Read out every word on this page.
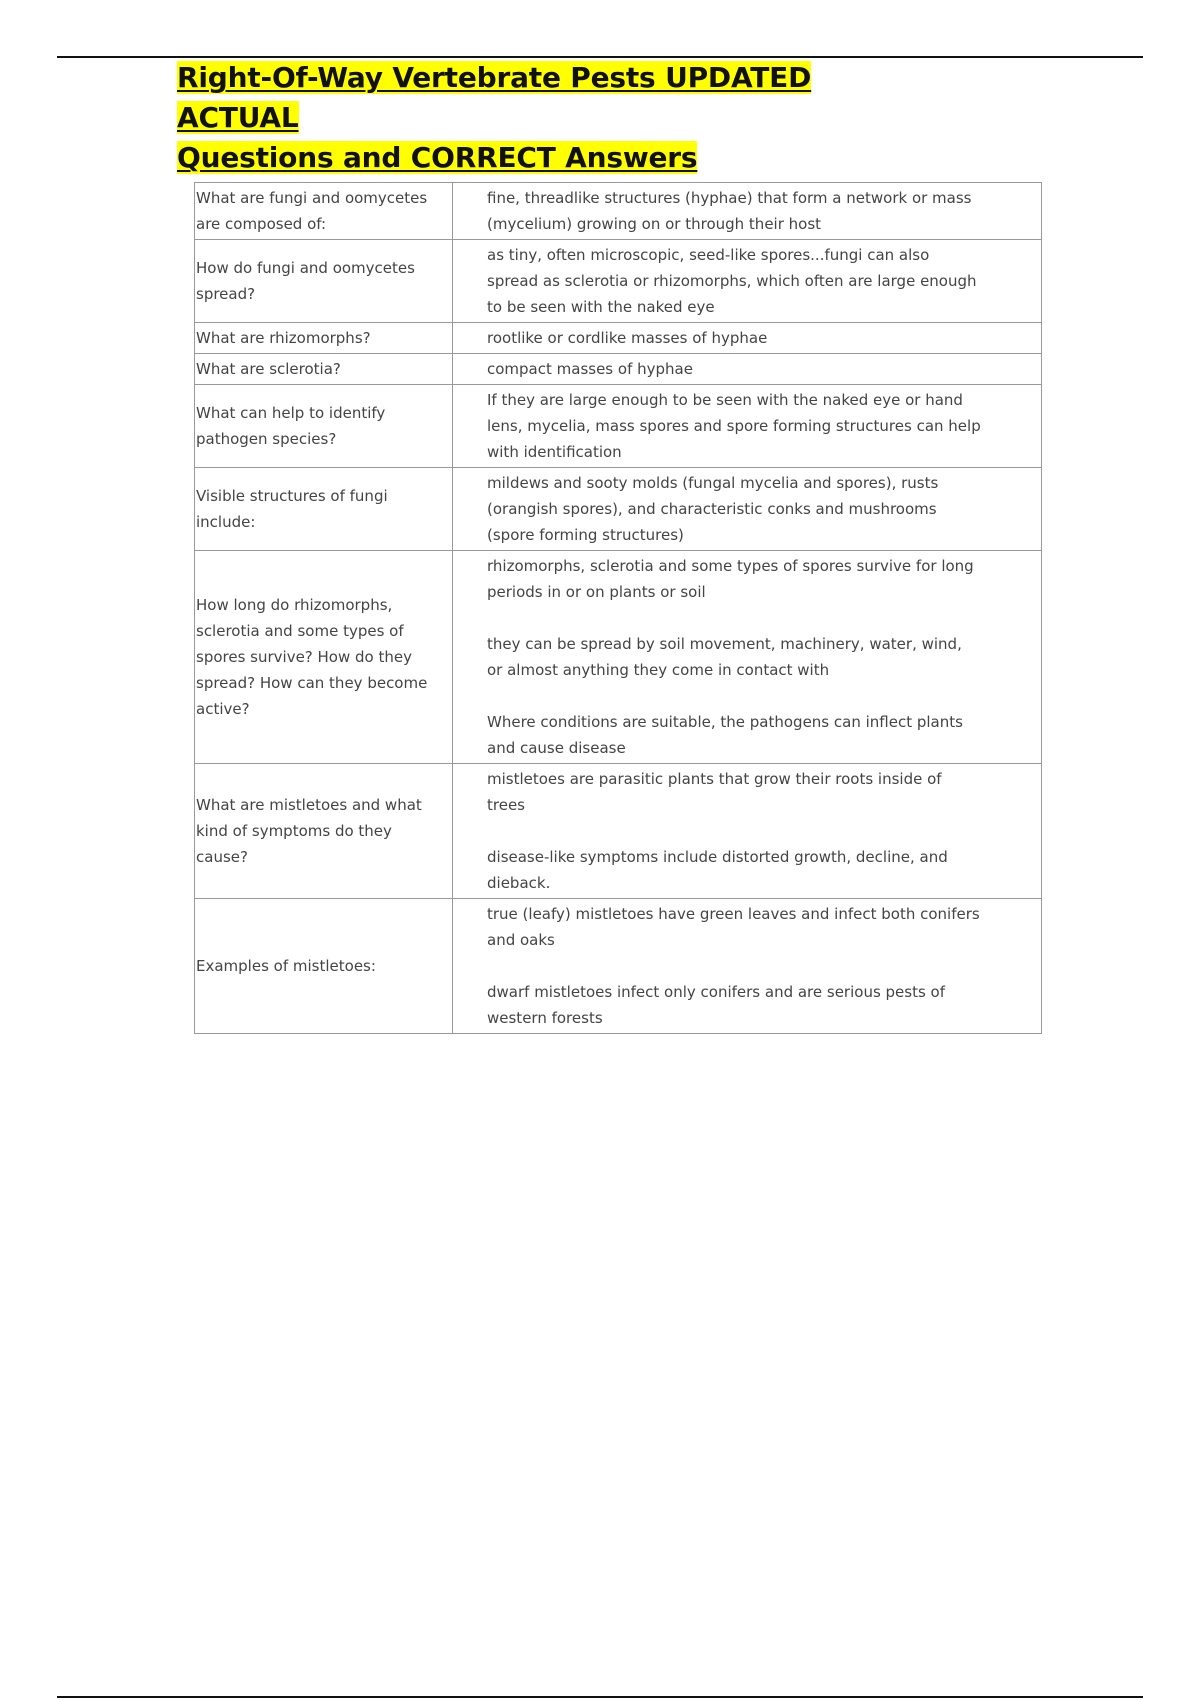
Right-Of-Way Vertebrate Pests UPDATED ACTUAL
Questions and CORRECT Answers
What are fungi and oomycetes are composed of:	fine, threadlike structures (hyphae) that form a network or mass (mycelium) growing on or through their host

How do fungi and oomycetes spread?	as tiny, often microscopic, seed-like spores...fungi can also spread as sclerotia or rhizomorphs, which often are large enough to be seen with the naked eye

What are rhizomorphs?	rootlike or cordlike masses of hyphae

What are sclerotia?	compact masses of hyphae

What can help to identify pathogen species?	If they are large enough to be seen with the naked eye or hand lens, mycelia, mass spores and spore forming structures can help with identification

Visible structures of fungi include:	mildews and sooty molds (fungal mycelia and spores), rusts (orangish spores), and characteristic conks and mushrooms (spore forming structures)

How long do rhizomorphs, sclerotia and some types of spores survive? How do they spread? How can they become active?	rhizomorphs, sclerotia and some types of spores survive for long periods in or on plants or soil
they can be spread by soil movement, machinery, water, wind, or almost anything they come in contact with
Where conditions are suitable, the pathogens can inflect plants and cause disease

What are mistletoes and what kind of symptoms do they cause?	mistletoes are parasitic plants that grow their roots inside of trees
disease-like symptoms include distorted growth, decline, and dieback.

Examples of mistletoes:	true (leafy) mistletoes have green leaves and infect both conifers and oaks
dwarf mistletoes infect only conifers and are serious pests of western forests
